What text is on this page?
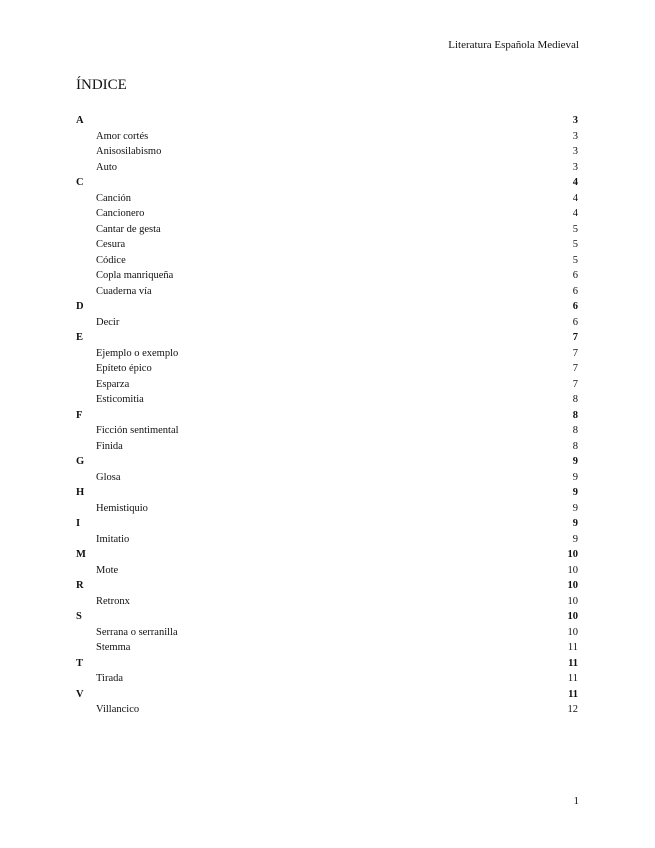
Literatura Española Medieval
ÍNDICE
A	3
Amor cortés	3
Anisosilabismo	3
Auto	3
C	4
Canción	4
Cancionero	4
Cantar de gesta	5
Cesura	5
Códice	5
Copla manriqueña	6
Cuaderna vía	6
D	6
Decir	6
E	7
Ejemplo o exemplo	7
Epíteto épico	7
Esparza	7
Esticomitia	8
F	8
Ficción sentimental	8
Finida	8
G	9
Glosa	9
H	9
Hemistiquio	9
I	9
Imitatio	9
M	10
Mote	10
R	10
Retronx	10
S	10
Serrana o serranilla	10
Stemma	11
T	11
Tirada	11
V	11
Villancico	12
1
